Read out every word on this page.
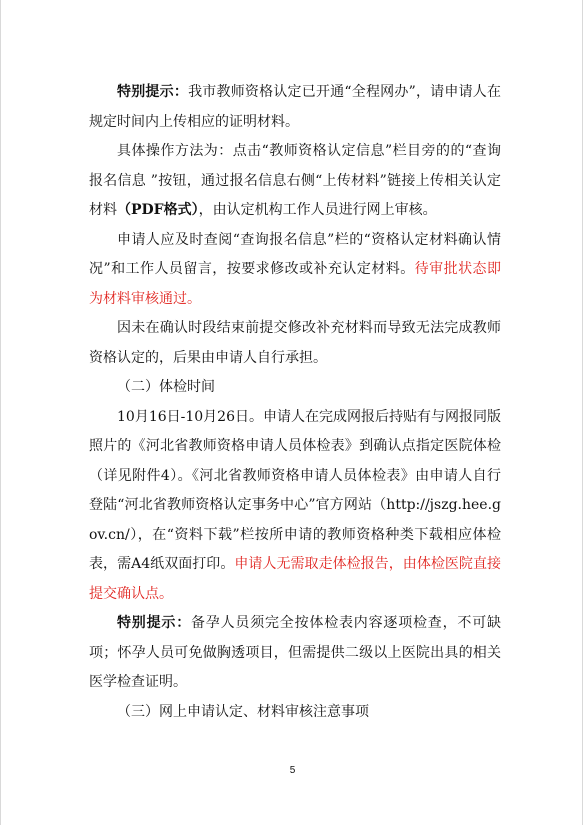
特别提示：我市教师资格认定已开通“全程网办”，请申请人在规定时间内上传相应的证明材料。

具体操作方法为：点击“教师资格认定信息”栏目旁的的“查询报名信息 ”按钮，通过报名信息右侧“上传材料”链接上传相关认定材料（PDF格式），由认定机构工作人员进行网上审核。

申请人应及时查阅“查询报名信息”栏的“资格认定材料确认情况”和工作人员留言，按要求修改或补充认定材料。待审批状态即为材料审核通过。

因未在确认时段结束前提交修改补充材料而导致无法完成教师资格认定的，后果由申请人自行承担。

（二）体检时间

10月16日-10月26日。申请人在完成网报后持贴有与网报同版照片的《河北省教师资格申请人员体检表》到确认点指定医院体检（详见附件4）。《河北省教师资格申请人员体检表》由申请人自行登陆“河北省教师资格认定事务中心”官方网站（http://jszg.hee.gov.cn/），在“资料下载”栏按所申请的教师资格种类下载相应体检表，需A4纸双面打印。申请人无需取走体检报告，由体检医院直接提交确认点。

特别提示：备孕人员须完全按体检表内容逐项检查，不可缺项；怀孕人员可免做胸透项目，但需提供二级以上医院出具的相关医学检查证明。

（三）网上申请认定、材料审核注意事项

5
